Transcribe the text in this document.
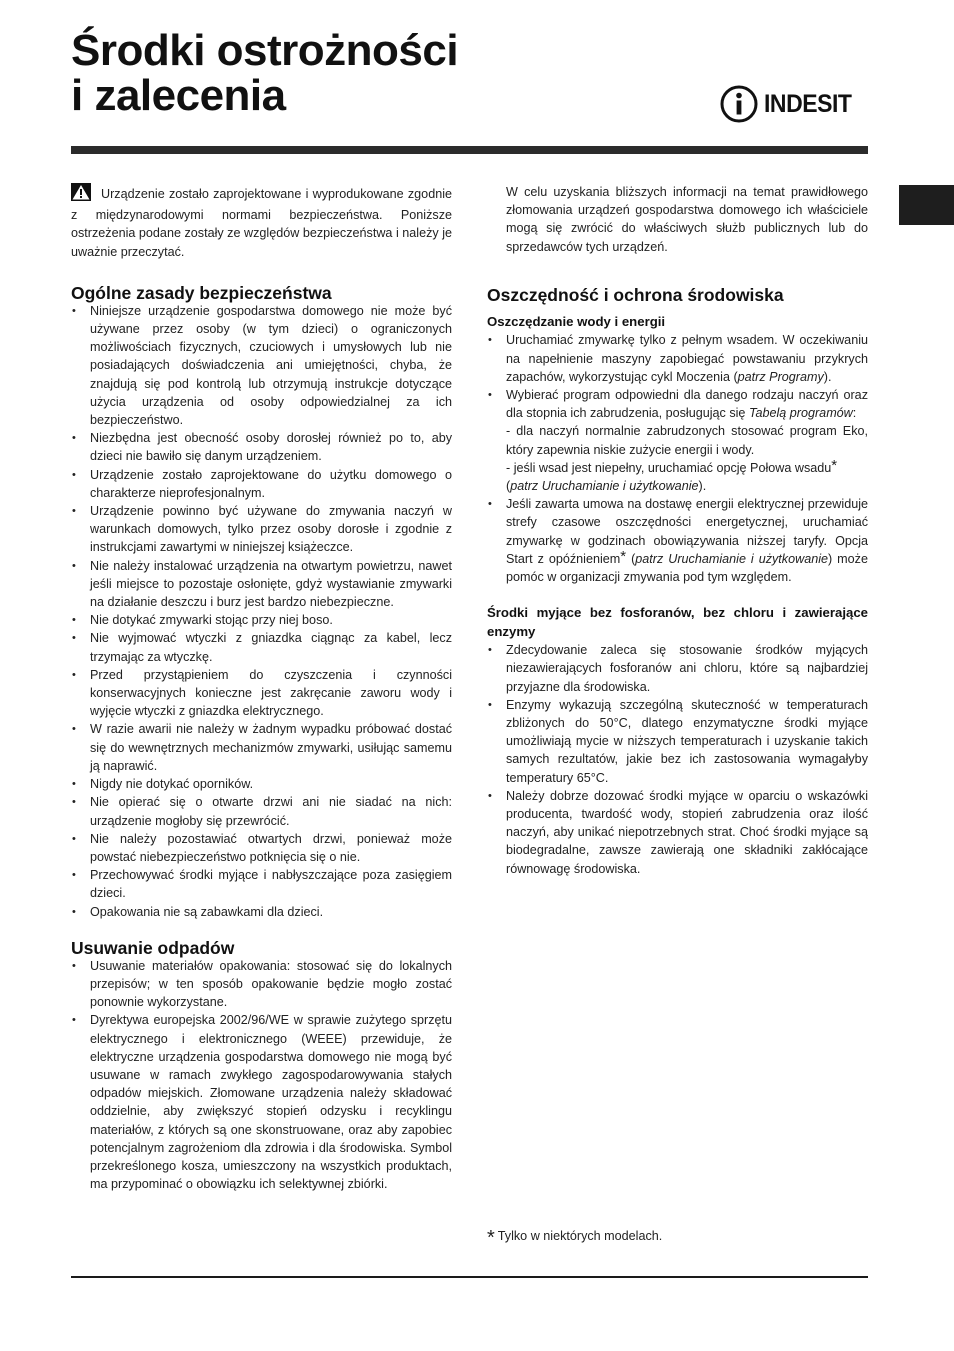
Środki ostrożności
i zalecenia	INDESIT

Urządzenie zostało zaprojektowane i wyprodukowane zgodnie z międzynarodowymi normami bezpieczeństwa. Poniższe ostrzeżenia podane zostały ze względów bezpieczeństwa i należy je uważnie przeczytać.

Ogólne zasady bezpieczeństwa
• Niniejsze urządzenie gospodarstwa domowego nie może być używane przez osoby (w tym dzieci) o ograniczonych możliwościach fizycznych, czuciowych i umysłowych lub nie posiadających doświadczenia ani umiejętności, chyba, że znajdują się pod kontrolą lub otrzymują instrukcje dotyczące użycia urządzenia od osoby odpowiedzialnej za ich bezpieczeństwo.
• Niezbędna jest obecność osoby dorosłej również po to, aby dzieci nie bawiło się danym urządzeniem.
• Urządzenie zostało zaprojektowane do użytku domowego o charakterze nieprofesjonalnym.
• Urządzenie powinno być używane do zmywania naczyń w warunkach domowych, tylko przez osoby dorosłe i zgodnie z instrukcjami zawartymi w niniejszej książeczce.
• Nie należy instalować urządzenia na otwartym powietrzu, nawet jeśli miejsce to pozostaje osłonięte, gdyż wystawianie zmywarki na działanie deszczu i burz jest bardzo niebezpieczne.
• Nie dotykać zmywarki stojąc przy niej boso.
• Nie wyjmować wtyczki z gniazdka ciągnąc za kabel, lecz trzymając za wtyczkę.
• Przed przystąpieniem do czyszczenia i czynności konserwacyjnych konieczne jest zakręcanie zaworu wody i wyjęcie wtyczki z gniazdka elektrycznego.
• W razie awarii nie należy w żadnym wypadku próbować dostać się do wewnętrznych mechanizmów zmywarki, usiłując samemu ją naprawić.
• Nigdy nie dotykać oporników.
• Nie opierać się o otwarte drzwi ani nie siadać na nich: urządzenie mogłoby się przewrócić.
• Nie należy pozostawiać otwartych drzwi, ponieważ może powstać niebezpieczeństwo potknięcia się o nie.
• Przechowywać środki myjące i nabłyszczające poza zasięgiem dzieci.
• Opakowania nie są zabawkami dla dzieci.
Usuwanie odpadów
• Usuwanie materiałów opakowania: stosować się do lokalnych przepisów; w ten sposób opakowanie będzie mogło zostać ponownie wykorzystane.
• Dyrektywa europejska 2002/96/WE w sprawie zużytego sprzętu elektrycznego i elektronicznego (WEEE) przewiduje, że elektryczne urządzenia gospodarstwa domowego nie mogą być usuwane w ramach zwykłego zagospodarowywania stałych odpadów miejskich. Złomowane urządzenia należy składować oddzielnie, aby zwiększyć stopień odzysku i recyklingu materiałów, z których są one skonstruowane, oraz aby zapobiec potencjalnym zagrożeniom dla zdrowia i dla środowiska. Symbol przekreślonego kosza, umieszczony na wszystkich produktach, ma przypominać o obowiązku ich selektywnej zbiórki.

W celu uzyskania bliższych informacji na temat prawidłowego złomowania urządzeń gospodarstwa domowego ich właściciele mogą się zwrócić do właściwych służb publicznych lub do sprzedawców tych urządzeń.

Oszczędność i ochrona środowiska
Oszczędzanie wody i energii
• Uruchamiać zmywarkę tylko z pełnym wsadem. W oczekiwaniu na napełnienie maszyny zapobiegać powstawaniu przykrych zapachów, wykorzystując cykl Moczenia (patrz Programy).
• Wybierać program odpowiedni dla danego rodzaju naczyń oraz dla stopnia ich zabrudzenia, posługując się Tabelą programów:
- dla naczyń normalnie zabrudzonych stosować program Eko, który zapewnia niskie zużycie energii i wody.
- jeśli wsad jest niepełny, uruchamiać opcję Połowa wsadu*
(patrz Uruchamianie i użytkowanie).
• Jeśli zawarta umowa na dostawę energii elektrycznej przewiduje strefy czasowe oszczędności energetycznej, uruchamiać zmywarkę w godzinach obowiązywania niższej taryfy. Opcja Start z opóźnieniem* (patrz Uruchamianie i użytkowanie) może pomóc w organizacji zmywania pod tym względem.
Środki myjące bez fosforanów, bez chloru i zawierające enzymy
• Zdecydowanie zaleca się stosowanie środków myjących niezawierających fosforanów ani chloru, które są najbardziej przyjazne dla środowiska.
• Enzymy wykazują szczególną skuteczność w temperaturach zbliżonych do 50°C, dlatego enzymatyczne środki myjące umożliwiają mycie w niższych temperaturach i uzyskanie takich samych rezultatów, jakie bez ich zastosowania wymagałyby temperatury 65°C.
• Należy dobrze dozować środki myjące w oparciu o wskazówki producenta, twardość wody, stopień zabrudzenia oraz ilość naczyń, aby unikać niepotrzebnych strat. Choć środki myjące są biodegradalne, zawsze zawierają one składniki zakłócające równowagę środowiska.
* Tylko w niektórych modelach.
